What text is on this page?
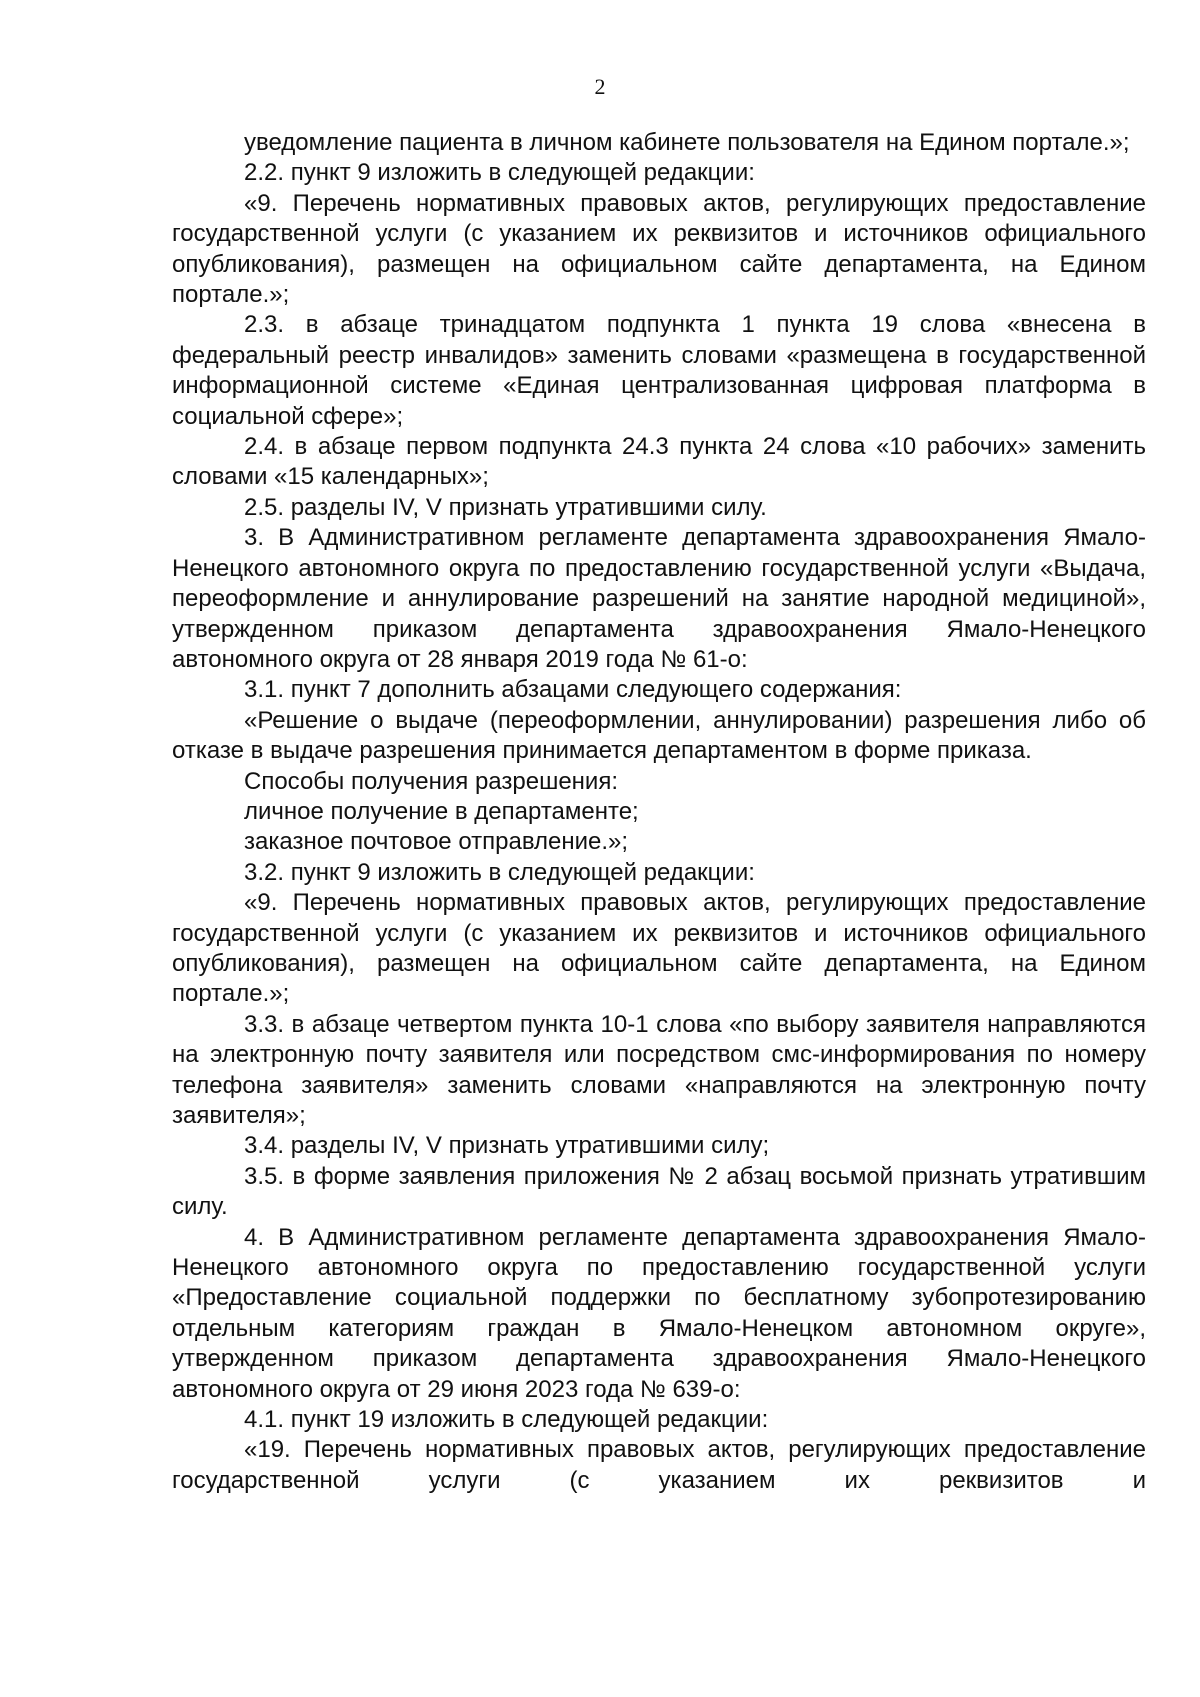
2

уведомление пациента в личном кабинете пользователя на Едином портале.»;

2.2. пункт 9 изложить в следующей редакции:

«9. Перечень нормативных правовых актов, регулирующих предоставление государственной услуги (с указанием их реквизитов и источников официального опубликования), размещен на официальном сайте департамента, на Едином портале.»;

2.3. в абзаце тринадцатом подпункта 1 пункта 19 слова «внесена в федеральный реестр инвалидов» заменить словами «размещена в государственной информационной системе «Единая централизованная цифровая платформа в социальной сфере»;

2.4. в абзаце первом подпункта 24.3 пункта 24 слова «10 рабочих» заменить словами «15 календарных»;

2.5. разделы IV, V признать утратившими силу.

3. В Административном регламенте департамента здравоохранения Ямало-Ненецкого автономного округа по предоставлению государственной услуги «Выдача, переоформление и аннулирование разрешений на занятие народной медициной», утвержденном приказом департамента здравоохранения Ямало-Ненецкого автономного округа от 28 января 2019 года № 61-о:

3.1. пункт 7 дополнить абзацами следующего содержания:

«Решение о выдаче (переоформлении, аннулировании) разрешения либо об отказе в выдаче разрешения принимается департаментом в форме приказа.

Способы получения разрешения:

личное получение в департаменте;

заказное почтовое отправление.»;

3.2. пункт 9 изложить в следующей редакции:

«9. Перечень нормативных правовых актов, регулирующих предоставление государственной услуги (с указанием их реквизитов и источников официального опубликования), размещен на официальном сайте департамента, на Едином портале.»;

3.3. в абзаце четвертом пункта 10-1 слова «по выбору заявителя направляются на электронную почту заявителя или посредством смс-информирования по номеру телефона заявителя» заменить словами «направляются на электронную почту заявителя»;

3.4. разделы IV, V признать утратившими силу;

3.5. в форме заявления приложения № 2 абзац восьмой признать утратившим силу.

4. В Административном регламенте департамента здравоохранения Ямало-Ненецкого автономного округа по предоставлению государственной услуги «Предоставление социальной поддержки по бесплатному зубопротезированию отдельным категориям граждан в Ямало-Ненецком автономном округе», утвержденном приказом департамента здравоохранения Ямало-Ненецкого автономного округа от 29 июня 2023 года № 639-о:

4.1. пункт 19 изложить в следующей редакции:

«19. Перечень нормативных правовых актов, регулирующих предоставление государственной услуги (с указанием их реквизитов и
